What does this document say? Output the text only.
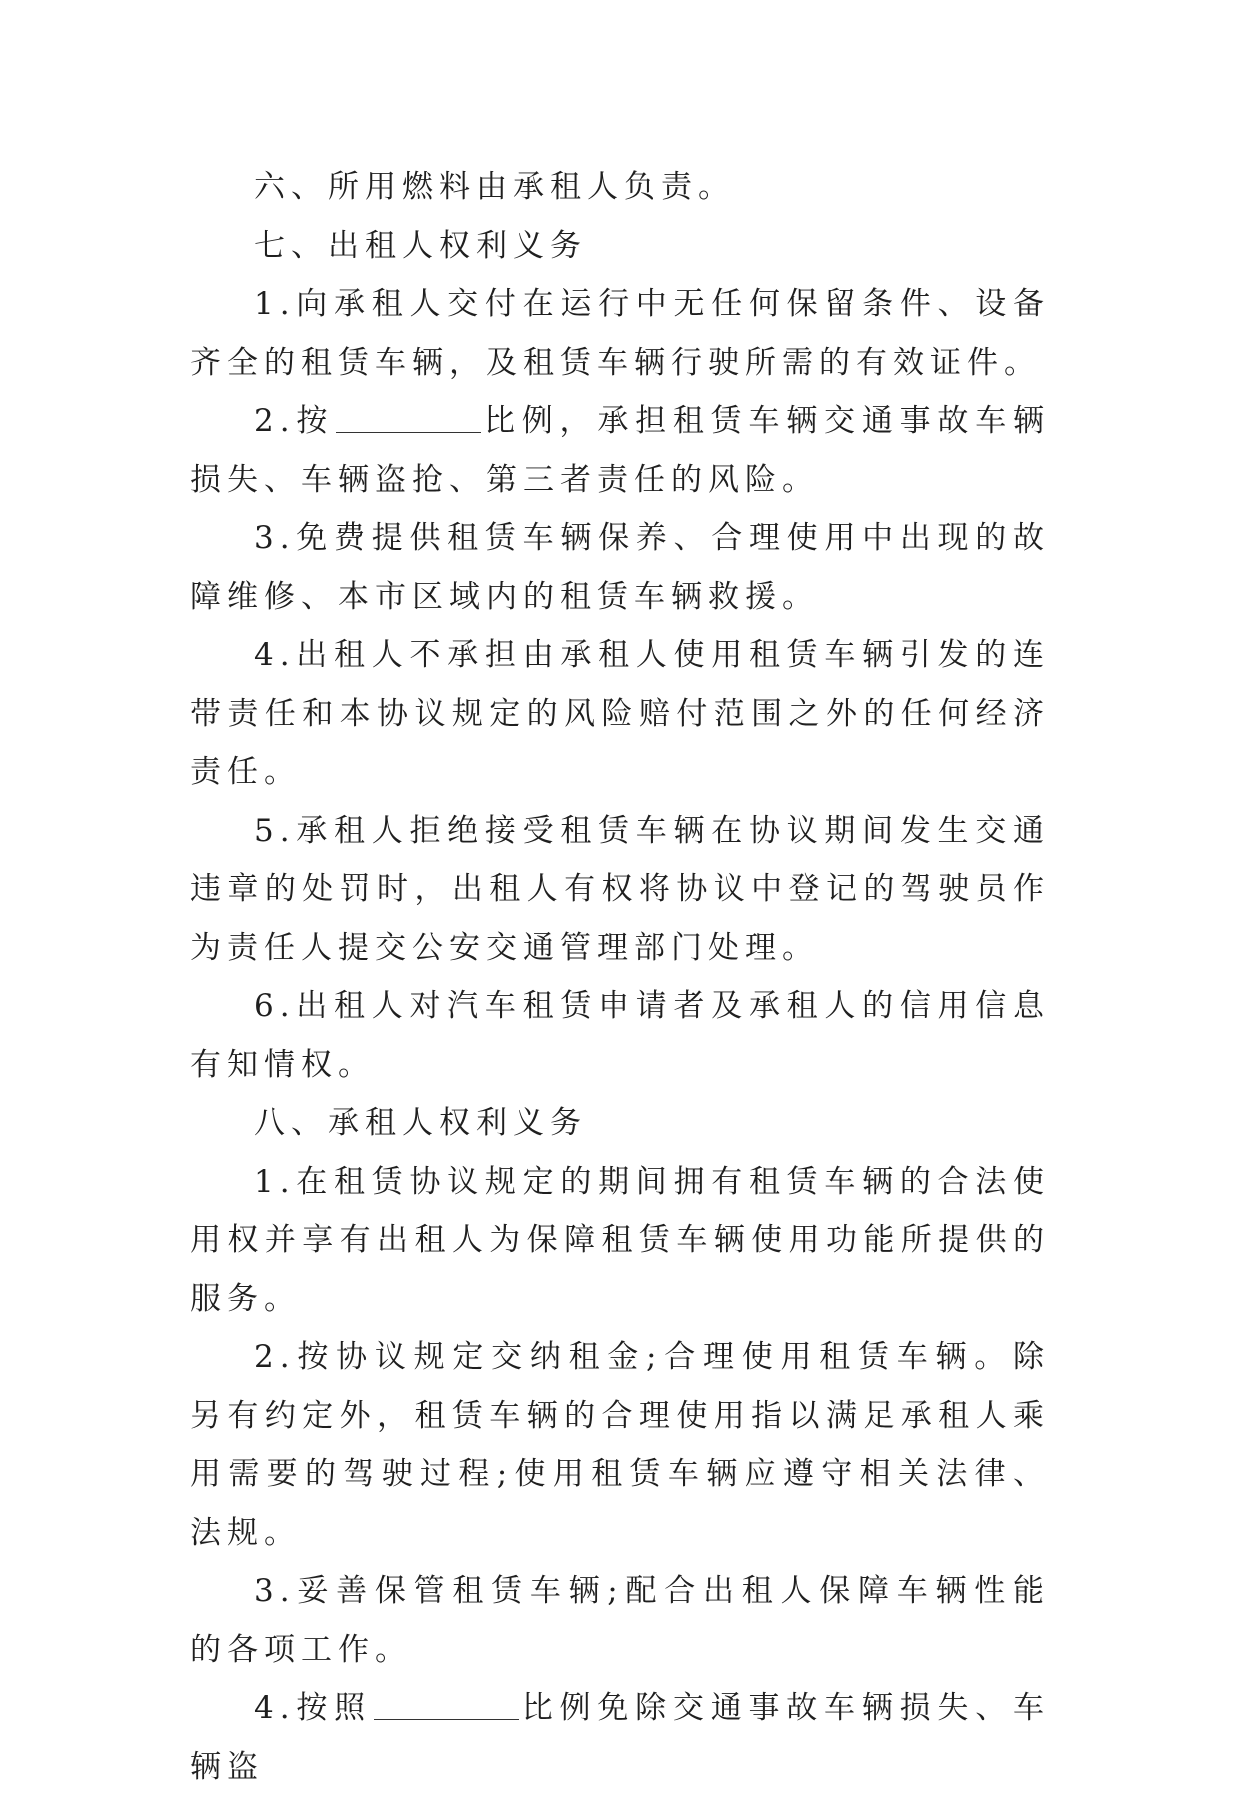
六、所用燃料由承租人负责。

七、出租人权利义务

1.向承租人交付在运行中无任何保留条件、设备齐全的租赁车辆，及租赁车辆行驶所需的有效证件。

2.按	比例，承担租赁车辆交通事故车辆损失、车辆盗抢、第三者责任的风险。

3.免费提供租赁车辆保养、合理使用中出现的故障维修、本市区域内的租赁车辆救援。

4.出租人不承担由承租人使用租赁车辆引发的连带责任和本协议规定的风险赔付范围之外的任何经济责任。

5.承租人拒绝接受租赁车辆在协议期间发生交通违章的处罚时，出租人有权将协议中登记的驾驶员作为责任人提交公安交通管理部门处理。

6.出租人对汽车租赁申请者及承租人的信用信息有知情权。

八、承租人权利义务

1.在租赁协议规定的期间拥有租赁车辆的合法使用权并享有出租人为保障租赁车辆使用功能所提供的服务。

2.按协议规定交纳租金;合理使用租赁车辆。除另有约定外，租赁车辆的合理使用指以满足承租人乘用需要的驾驶过程;使用租赁车辆应遵守相关法律、法规。

3.妥善保管租赁车辆;配合出租人保障车辆性能的各项工作。

4.按照	比例免除交通事故车辆损失、车辆盗
